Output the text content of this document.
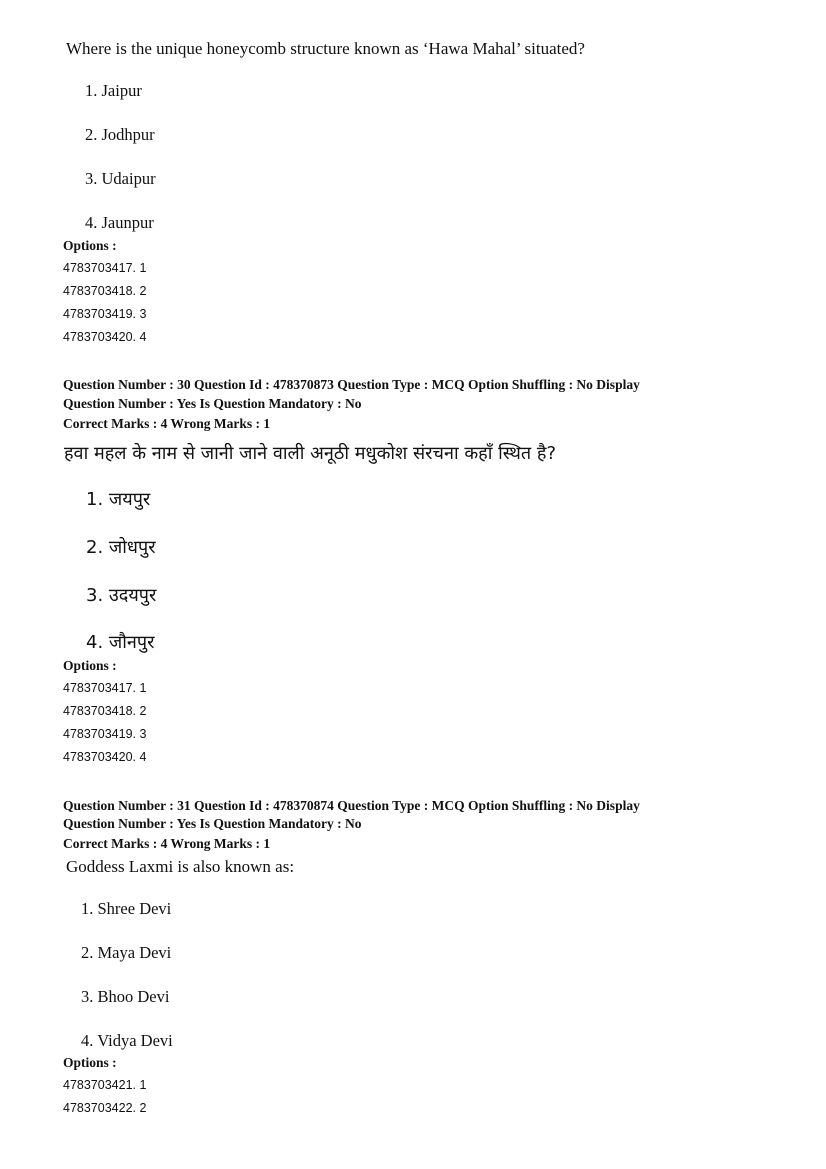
Where is the unique honeycomb structure known as ‘Hawa Mahal’ situated?
1. Jaipur
2. Jodhpur
3. Udaipur
4. Jaunpur
Options :
4783703417. 1
4783703418. 2
4783703419. 3
4783703420. 4
Question Number : 30 Question Id : 478370873 Question Type : MCQ Option Shuffling : No Display
Question Number : Yes Is Question Mandatory : No
Correct Marks : 4 Wrong Marks : 1
हवा महल के नाम से जानी जाने वाली अनूठी मधुकोश संरचना कहाँ स्थित है?
1. जयपुर
2. जोधपुर
3. उदयपुर
4. जौनपुर
Options :
4783703417. 1
4783703418. 2
4783703419. 3
4783703420. 4
Question Number : 31 Question Id : 478370874 Question Type : MCQ Option Shuffling : No Display
Question Number : Yes Is Question Mandatory : No
Correct Marks : 4 Wrong Marks : 1
Goddess Laxmi is also known as:
1. Shree Devi
2. Maya Devi
3. Bhoo Devi
4. Vidya Devi
Options :
4783703421. 1
4783703422. 2
